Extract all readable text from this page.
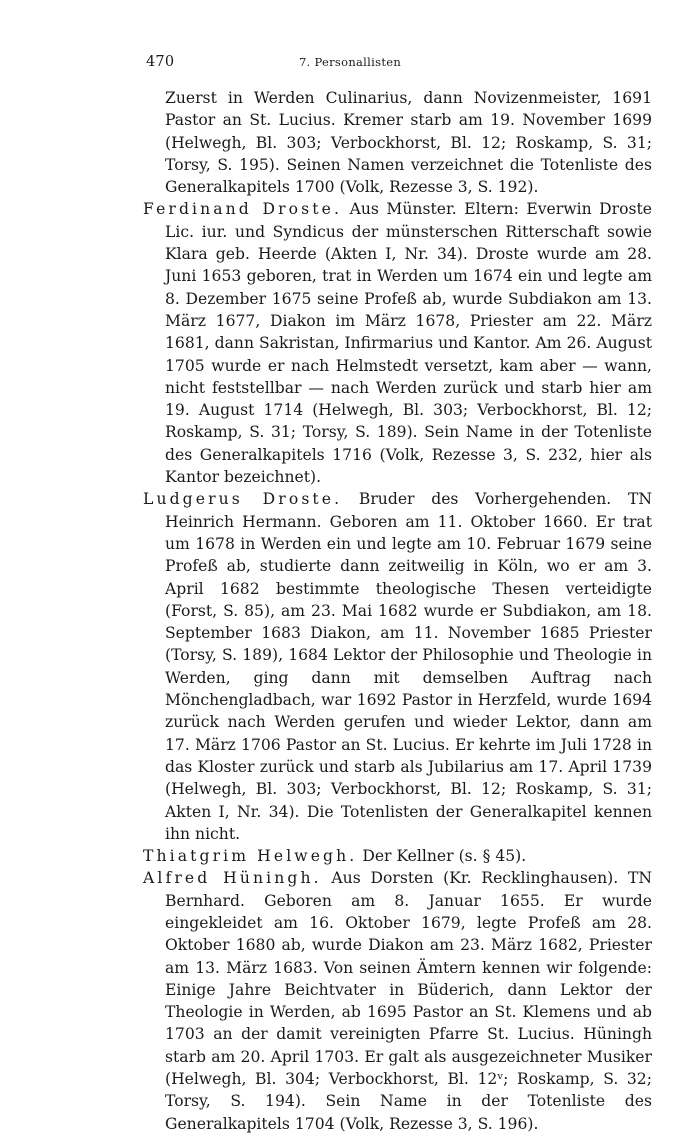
470	7. Personallisten

Zuerst in Werden Culinarius, dann Novizenmeister, 1691 Pastor an St. Lucius. Kremer starb am 19. November 1699 (Helwegh, Bl. 303; Verbockhorst, Bl. 12; Roskamp, S. 31; Torsy, S. 195). Seinen Namen verzeichnet die Totenliste des Generalkapitels 1700 (Volk, Rezesse 3, S. 192).

Ferdinand Droste. Aus Münster. Eltern: Everwin Droste Lic. iur. und Syndicus der münsterschen Ritterschaft sowie Klara geb. Heerde (Akten I, Nr. 34). Droste wurde am 28. Juni 1653 geboren, trat in Werden um 1674 ein und legte am 8. Dezember 1675 seine Profeß ab, wurde Subdiakon am 13. März 1677, Diakon im März 1678, Priester am 22. März 1681, dann Sakristan, Infirmarius und Kantor. Am 26. August 1705 wurde er nach Helmstedt versetzt, kam aber — wann, nicht feststellbar — nach Werden zurück und starb hier am 19. August 1714 (Helwegh, Bl. 303; Verbockhorst, Bl. 12; Roskamp, S. 31; Torsy, S. 189). Sein Name in der Totenliste des Generalkapitels 1716 (Volk, Rezesse 3, S. 232, hier als Kantor bezeichnet).

Ludgerus Droste. Bruder des Vorhergehenden. TN Heinrich Hermann. Geboren am 11. Oktober 1660. Er trat um 1678 in Werden ein und legte am 10. Februar 1679 seine Profeß ab, studierte dann zeitweilig in Köln, wo er am 3. April 1682 bestimmte theologische Thesen verteidigte (Forst, S. 85), am 23. Mai 1682 wurde er Subdiakon, am 18. September 1683 Diakon, am 11. November 1685 Priester (Torsy, S. 189), 1684 Lektor der Philosophie und Theologie in Werden, ging dann mit demselben Auftrag nach Mönchengladbach, war 1692 Pastor in Herzfeld, wurde 1694 zurück nach Werden gerufen und wieder Lektor, dann am 17. März 1706 Pastor an St. Lucius. Er kehrte im Juli 1728 in das Kloster zurück und starb als Jubilarius am 17. April 1739 (Helwegh, Bl. 303; Verbockhorst, Bl. 12; Roskamp, S. 31; Akten I, Nr. 34). Die Totenlisten der Generalkapitel kennen ihn nicht.

Thiatgrim Helwegh. Der Kellner (s. § 45).

Alfred Hüningh. Aus Dorsten (Kr. Recklinghausen). TN Bernhard. Geboren am 8. Januar 1655. Er wurde eingekleidet am 16. Oktober 1679, legte Profeß am 28. Oktober 1680 ab, wurde Diakon am 23. März 1682, Priester am 13. März 1683. Von seinen Ämtern kennen wir folgende: Einige Jahre Beichtvater in Büderich, dann Lektor der Theologie in Werden, ab 1695 Pastor an St. Klemens und ab 1703 an der damit vereinigten Pfarre St. Lucius. Hüningh starb am 20. April 1703. Er galt als ausgezeichneter Musiker (Helwegh, Bl. 304; Verbockhorst, Bl. 12ᵛ; Roskamp, S. 32; Torsy, S. 194). Sein Name in der Totenliste des Generalkapitels 1704 (Volk, Rezesse 3, S. 196).
